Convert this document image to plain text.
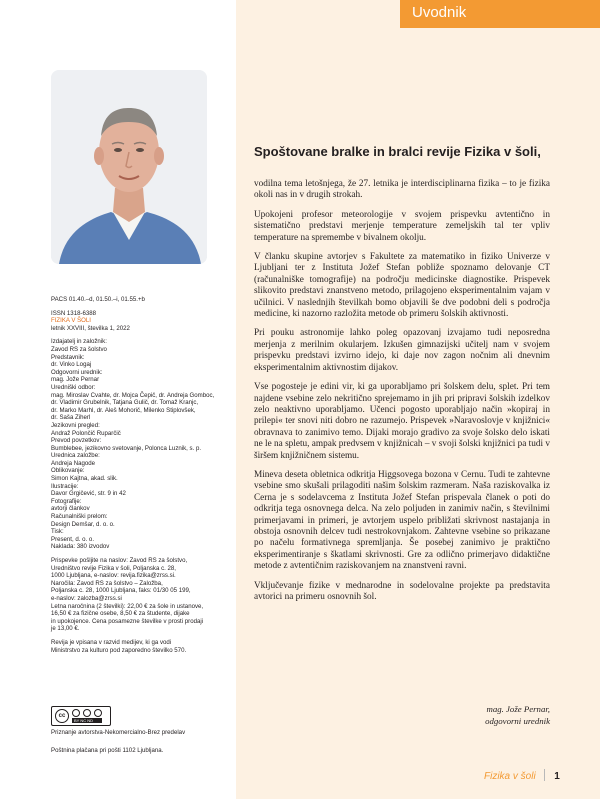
Uvodnik
PACS 01.40.–d, 01.50.–i, 01.55.+b
ISSN 1318-6388
FIZIKA V ŠOLI
letnik XXVIII, številka 1, 2022
Izdajatelj in založnik:
Zavod RS za šolstvo
Predstavnik:
dr. Vinko Logaj
Odgovorni urednik:
mag. Jože Pernar
Uredniški odbor:
mag. Miroslav Cvahte, dr. Mojca Čepič, dr. Andreja Gomboc,
dr. Vladimir Grubelnik, Tatjana Gulič, dr. Tomaž Kranjc,
dr. Marko Marhl, dr. Aleš Mohorič, Milenko Stiplovšek,
dr. Saša Ziherl
Jezikovni pregled:
Andraž Polončič Ruparčič
Prevod povzetkov:
Bumblebee, jezikovno svetovanje, Polonca Luznik, s. p.
Urednica založbe:
Andreja Nagode
Oblikovanje:
Simon Kajtna, akad. slik.
Ilustracije:
Davor Grgičević, str. 9 in 42
Fotografije:
avtorji člankov
Računalniški prelom:
Design Demšar, d. o. o.
Tisk:
Present, d. o. o.
Naklada: 380 izvodov
Prispevke pošljite na naslov: Zavod RS za šolstvo,
Uredništvo revije Fizika v šoli, Poljanska c. 28,
1000 Ljubljana, e-naslov: revija.fizika@zrss.si.
Naročila: Zavod RS za šolstvo – Založba,
Poljanska c. 28, 1000 Ljubljana, faks: 01/30 05 199,
e-naslov: zalozba@zrss.si
Letna naročnina (2 številki): 22,00 € za šole in ustanove,
16,50 € za fizične osebe, 8,50 € za študente, dijake
in upokojence. Cena posamezne številke v prosti prodaji
je 13,00 €.
Revija je vpisana v razvid medijev, ki ga vodi
Ministrstvo za kulturo pod zaporedno številko 570.
cc
BY NC ND
Priznanje avtorstva-Nekomercialno-Brez predelav
Poštnina plačana pri pošti 1102 Ljubljana.
Spoštovane bralke in bralci revije Fizika v šoli,

vodilna tema letošnjega, že 27. letnika je interdisciplinarna fizika – to je fizika okoli nas in v drugih strokah.

Upokojeni profesor meteorologije v svojem prispevku avtentično in sistematično predstavi merjenje temperature zemeljskih tal ter vpliv temperature na spremembe v bivalnem okolju.

V članku skupine avtorjev s Fakultete za matematiko in fiziko Univerze v Ljubljani ter z Instituta Jožef Stefan pobliže spoznamo delovanje CT (računalniške tomografije) na področju medicinske diagnostike. Prispevek slikovito predstavi znanstveno metodo, prilagojeno eksperimentalnim vajam v učilnici. V naslednjih številkah bomo objavili še dve podobni deli s področja medicine, ki nazorno razložita metode ob primeru šolskih aktivnosti.

Pri pouku astronomije lahko poleg opazovanj izvajamo tudi neposredna merjenja z merilnim okularjem. Izkušen gimnazijski učitelj nam v svojem prispevku predstavi izvirno idejo, ki daje nov zagon nočnim ali dnevnim eksperimentalnim aktivnostim dijakov.

Vse pogosteje je edini vir, ki ga uporabljamo pri šolskem delu, splet. Pri tem najdene vsebine zelo nekritično sprejemamo in jih pri pripravi šolskih izdelkov zelo neaktivno uporabljamo. Učenci pogosto uporabljajo način »kopiraj in prilepi« ter snovi niti dobro ne razumejo. Prispevek »Naravoslovje v knjižnici« obravnava to zanimivo temo. Dijaki morajo gradivo za svoje šolsko delo iskati ne le na spletu, ampak predvsem v knjižnicah – v svoji šolski knjižnici pa tudi v širšem knjižničnem sistemu.

Mineva deseta obletnica odkritja Higgsovega bozona v Cernu. Tudi te zahtevne vsebine smo skušali prilagoditi našim šolskim razmeram. Naša raziskovalka iz Cerna je s sodelavcema z Instituta Jožef Stefan prispevala članek o poti do odkritja tega osnovnega delca. Na zelo poljuden in zanimiv način, s številnimi primerjavami in primeri, je avtorjem uspelo približati skrivnost nastajanja in obstoja osnovnih delcev tudi nestrokovnjakom. Zahtevne vsebine so prikazane po načelu formativnega spremljanja. Še posebej zanimivo je praktično eksperimentiranje s škatlami skrivnosti. Gre za odlično primerjavo didaktične metode z avtentičnim raziskovanjem na znanstveni ravni.

Vključevanje fizike v mednarodne in sodelovalne projekte pa predstavita avtorici na primeru osnovnih šol.

mag. Jože Pernar,
odgovorni urednik
Fizika v šoli 1
